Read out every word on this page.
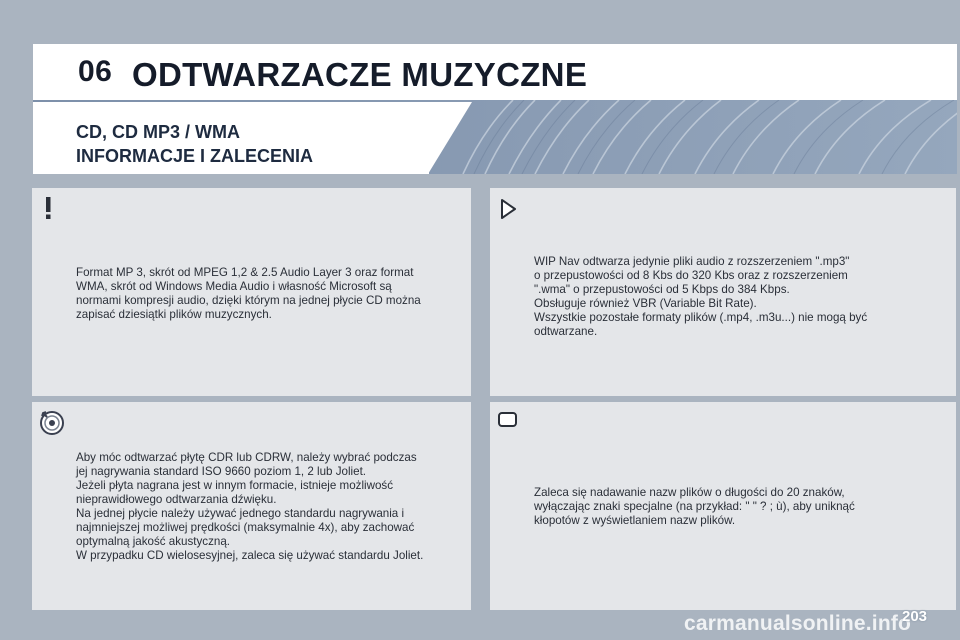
06 ODTWARZACZE MUZYCZNE
CD, CD MP3 / WMA
INFORMACJE I ZALECENIA
Format MP 3, skrót od MPEG 1,2 & 2.5 Audio Layer 3 oraz format
WMA, skrót od Windows Media Audio i własność Microsoft są
normami kompresji audio, dzięki którym na jednej płycie CD można
zapisać dziesiątki plików muzycznych.
WIP Nav odtwarza jedynie pliki audio z rozszerzeniem ".mp3"
o przepustowości od 8 Kbs do 320 Kbs oraz z rozszerzeniem
".wma" o przepustowości od 5 Kbps do 384 Kbps.
Obsługuje również VBR (Variable Bit Rate).
Wszystkie pozostałe formaty plików (.mp4, .m3u...) nie mogą być
odtwarzane.
Aby móc odtwarzać płytę CDR lub CDRW, należy wybrać podczas
jej nagrywania standard ISO 9660 poziom 1, 2 lub Joliet.
Jeżeli płyta nagrana jest w innym formacie, istnieje możliwość
nieprawidłowego odtwarzania dźwięku.
Na jednej płycie należy używać jednego standardu nagrywania i
najmniejszej możliwej prędkości (maksymalnie 4x), aby zachować
optymalną jakość akustyczną.
W przypadku CD wielosesyjnej, zaleca się używać standardu Joliet.
Zaleca się nadawanie nazw plików o długości do 20 znaków,
wyłączając znaki specjalne (na przykład: " " ? ; ù), aby uniknąć
kłopotów z wyświetlaniem nazw plików.
carmanualsonline.info
203
